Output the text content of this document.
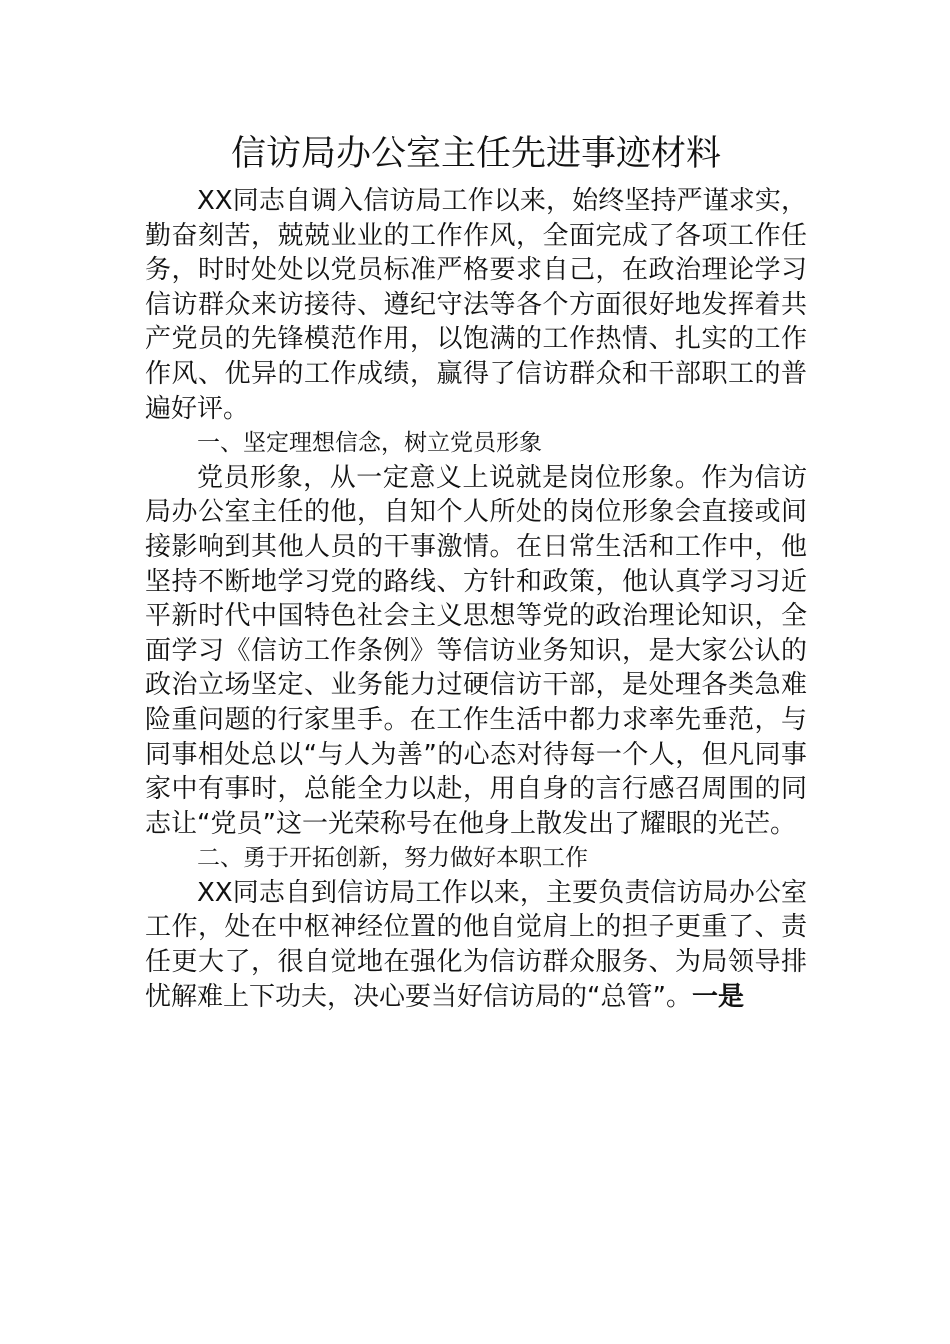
信访局办公室主任先进事迹材料

XX同志自调入信访局工作以来，始终坚持严谨求实，勤奋刻苦，兢兢业业的工作作风，全面完成了各项工作任务，时时处处以党员标准严格要求自己，在政治理论学习信访群众来访接待、遵纪守法等各个方面很好地发挥着共产党员的先锋模范作用，以饱满的工作热情、扎实的工作作风、优异的工作成绩，赢得了信访群众和干部职工的普遍好评。

一、坚定理想信念，树立党员形象

党员形象，从一定意义上说就是岗位形象。作为信访局办公室主任的他，自知个人所处的岗位形象会直接或间接影响到其他人员的干事激情。在日常生活和工作中，他坚持不断地学习党的路线、方针和政策，他认真学习习近平新时代中国特色社会主义思想等党的政治理论知识，全面学习《信访工作条例》等信访业务知识，是大家公认的政治立场坚定、业务能力过硬信访干部，是处理各类急难险重问题的行家里手。在工作生活中都力求率先垂范，与同事相处总以“与人为善”的心态对待每一个人，但凡同事家中有事时，总能全力以赴，用自身的言行感召周围的同志让“党员”这一光荣称号在他身上散发出了耀眼的光芒。

二、勇于开拓创新，努力做好本职工作

XX同志自到信访局工作以来，主要负责信访局办公室工作，处在中枢神经位置的他自觉肩上的担子更重了、责任更大了，很自觉地在强化为信访群众服务、为局领导排忧解难上下功夫，决心要当好信访局的“总管”。一是
